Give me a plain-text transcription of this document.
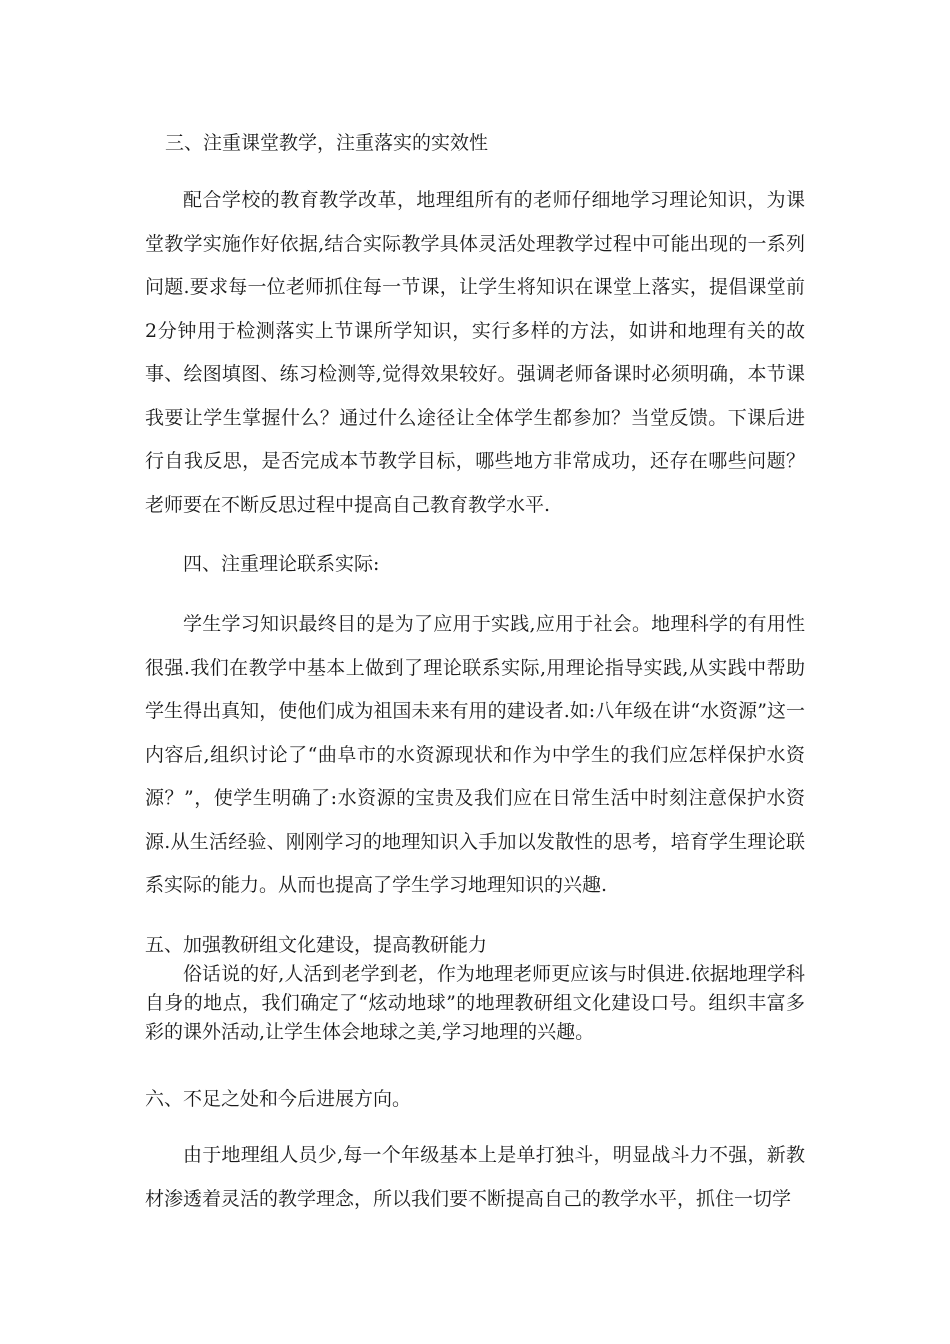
三、注重课堂教学，注重落实的实效性

配合学校的教育教学改革，地理组所有的老师仔细地学习理论知识，为课堂教学实施作好依据,结合实际教学具体灵活处理教学过程中可能出现的一系列问题.要求每一位老师抓住每一节课，让学生将知识在课堂上落实，提倡课堂前2分钟用于检测落实上节课所学知识，实行多样的方法，如讲和地理有关的故事、绘图填图、练习检测等,觉得效果较好。强调老师备课时必须明确，本节课我要让学生掌握什么？通过什么途径让全体学生都参加？当堂反馈。下课后进行自我反思，是否完成本节教学目标，哪些地方非常成功，还存在哪些问题？老师要在不断反思过程中提高自己教育教学水平.

四、注重理论联系实际:

学生学习知识最终目的是为了应用于实践,应用于社会。地理科学的有用性很强.我们在教学中基本上做到了理论联系实际,用理论指导实践,从实践中帮助学生得出真知，使他们成为祖国未来有用的建设者.如:八年级在讲“水资源”这一内容后,组织讨论了“曲阜市的水资源现状和作为中学生的我们应怎样保护水资源？”，使学生明确了:水资源的宝贵及我们应在日常生活中时刻注意保护水资源.从生活经验、刚刚学习的地理知识入手加以发散性的思考，培育学生理论联系实际的能力。从而也提高了学生学习地理知识的兴趣.

五、加强教研组文化建设，提高教研能力

俗话说的好,人活到老学到老，作为地理老师更应该与时俱进.依据地理学科自身的地点，我们确定了“炫动地球”的地理教研组文化建设口号。组织丰富多彩的课外活动,让学生体会地球之美,学习地理的兴趣。

六、不足之处和今后进展方向。

由于地理组人员少,每一个年级基本上是单打独斗，明显战斗力不强，新教材渗透着灵活的教学理念，所以我们要不断提高自己的教学水平，抓住一切学
